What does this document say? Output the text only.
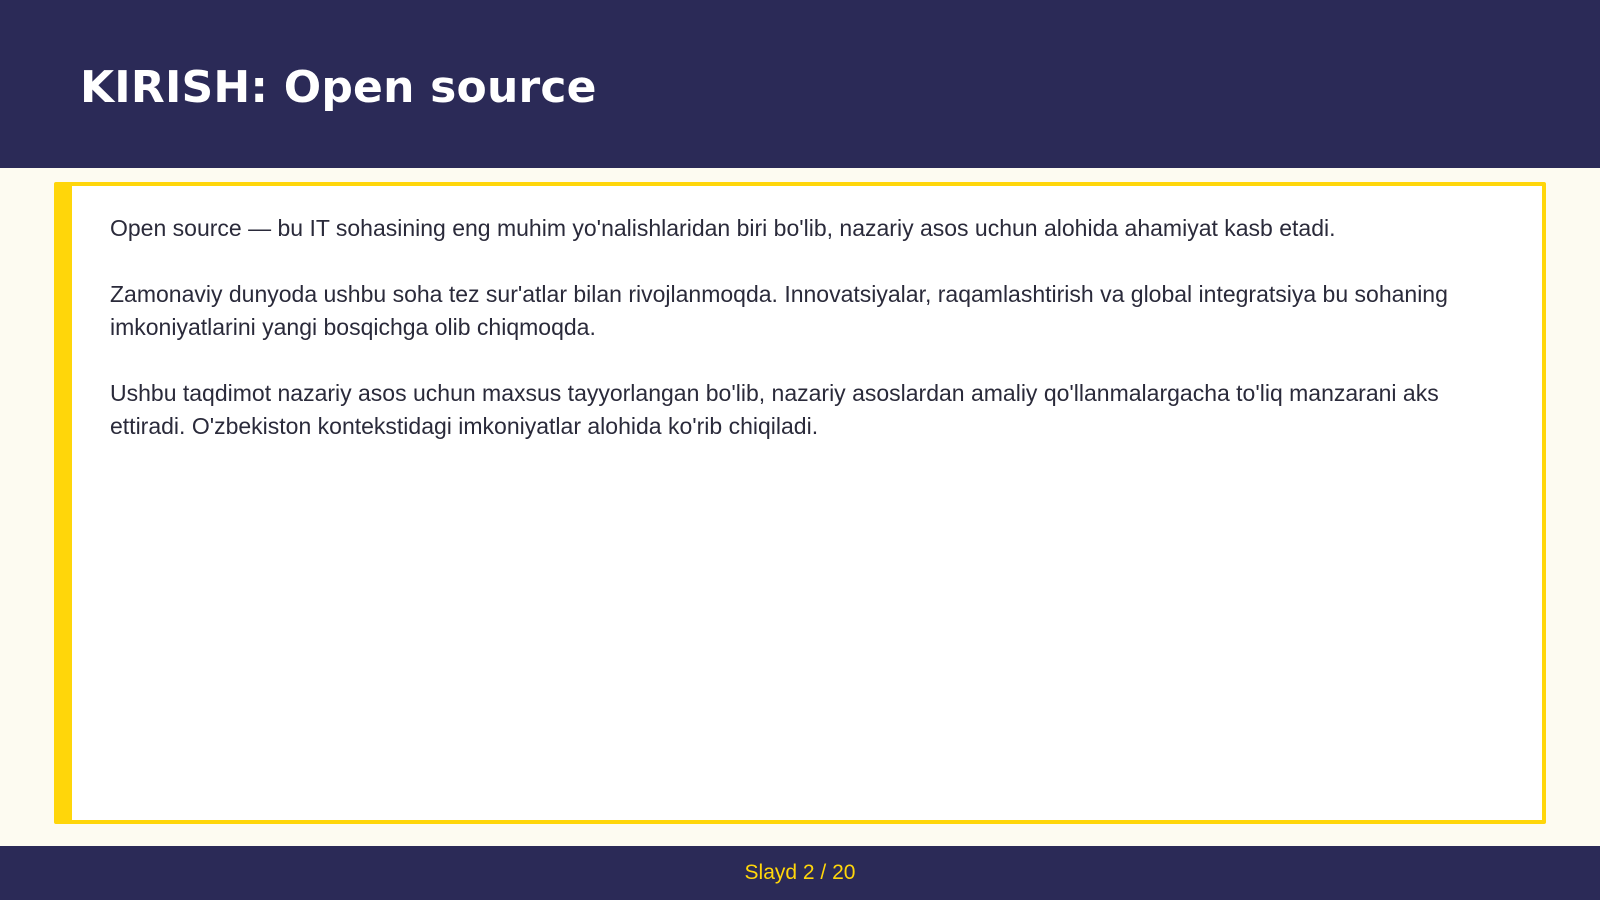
KIRISH: Open source

Open source — bu IT sohasining eng muhim yo'nalishlaridan biri bo'lib, nazariy asos uchun alohida ahamiyat kasb etadi.

Zamonaviy dunyoda ushbu soha tez sur'atlar bilan rivojlanmoqda. Innovatsiyalar, raqamlashtirish va global integratsiya bu sohaning imkoniyatlarini yangi bosqichga olib chiqmoqda.

Ushbu taqdimot nazariy asos uchun maxsus tayyorlangan bo'lib, nazariy asoslardan amaliy qo'llanmalargacha to'liq manzarani aks ettiradi. O'zbekiston kontekstidagi imkoniyatlar alohida ko'rib chiqiladi.

Slayd 2 / 20
